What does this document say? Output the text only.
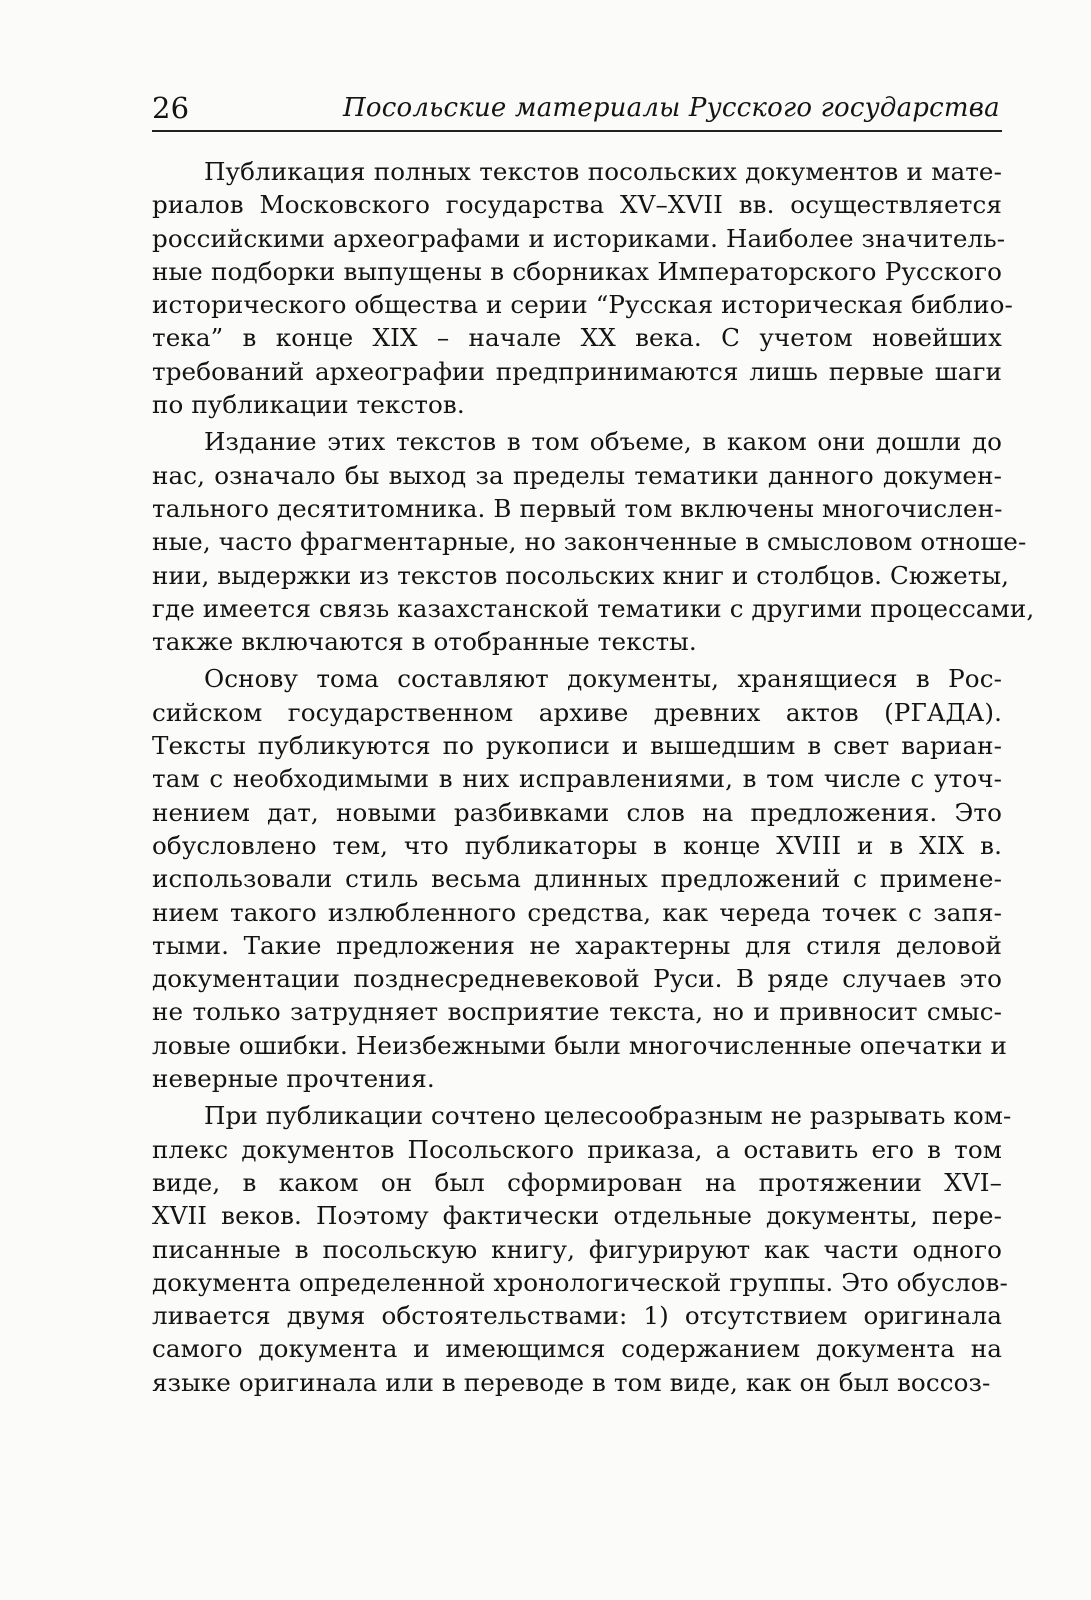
26	Посольские материалы Русского государства
Публикация полных текстов посольских документов и мате-
риалов Московского государства XV–XVII вв. осуществляется
российскими археографами и историками. Наиболее значитель-
ные подборки выпущены в сборниках Императорского Русского
исторического общества и серии “Русская историческая библио-
тека” в конце XIX – начале XX века. С учетом новейших
требований археографии предпринимаются лишь первые шаги
по публикации текстов.
Издание этих текстов в том объеме, в каком они дошли до
нас, означало бы выход за пределы тематики данного докумен-
тального десятитомника. В первый том включены многочислен-
ные, часто фрагментарные, но законченные в смысловом отноше-
нии, выдержки из текстов посольских книг и столбцов. Сюжеты,
где имеется связь казахстанской тематики с другими процессами,
также включаются в отобранные тексты.
Основу тома составляют документы, хранящиеся в Рос-
сийском государственном архиве древних актов (РГАДА).
Тексты публикуются по рукописи и вышедшим в свет вариан-
там с необходимыми в них исправлениями, в том числе с уточ-
нением дат, новыми разбивками слов на предложения. Это
обусловлено тем, что публикаторы в конце XVIII и в XIX в.
использовали стиль весьма длинных предложений с примене-
нием такого излюбленного средства, как череда точек с запя-
тыми. Такие предложения не характерны для стиля деловой
документации позднесредневековой Руси. В ряде случаев это
не только затрудняет восприятие текста, но и привносит смыс-
ловые ошибки. Неизбежными были многочисленные опечатки и
неверные прочтения.
При публикации сочтено целесообразным не разрывать ком-
плекс документов Посольского приказа, а оставить его в том
виде, в каком он был сформирован на протяжении XVI–
XVII веков. Поэтому фактически отдельные документы, пере-
писанные в посольскую книгу, фигурируют как части одного
документа определенной хронологической группы. Это обуслов-
ливается двумя обстоятельствами: 1) отсутствием оригинала
самого документа и имеющимся содержанием документа на
языке оригинала или в переводе в том виде, как он был воссоз-
